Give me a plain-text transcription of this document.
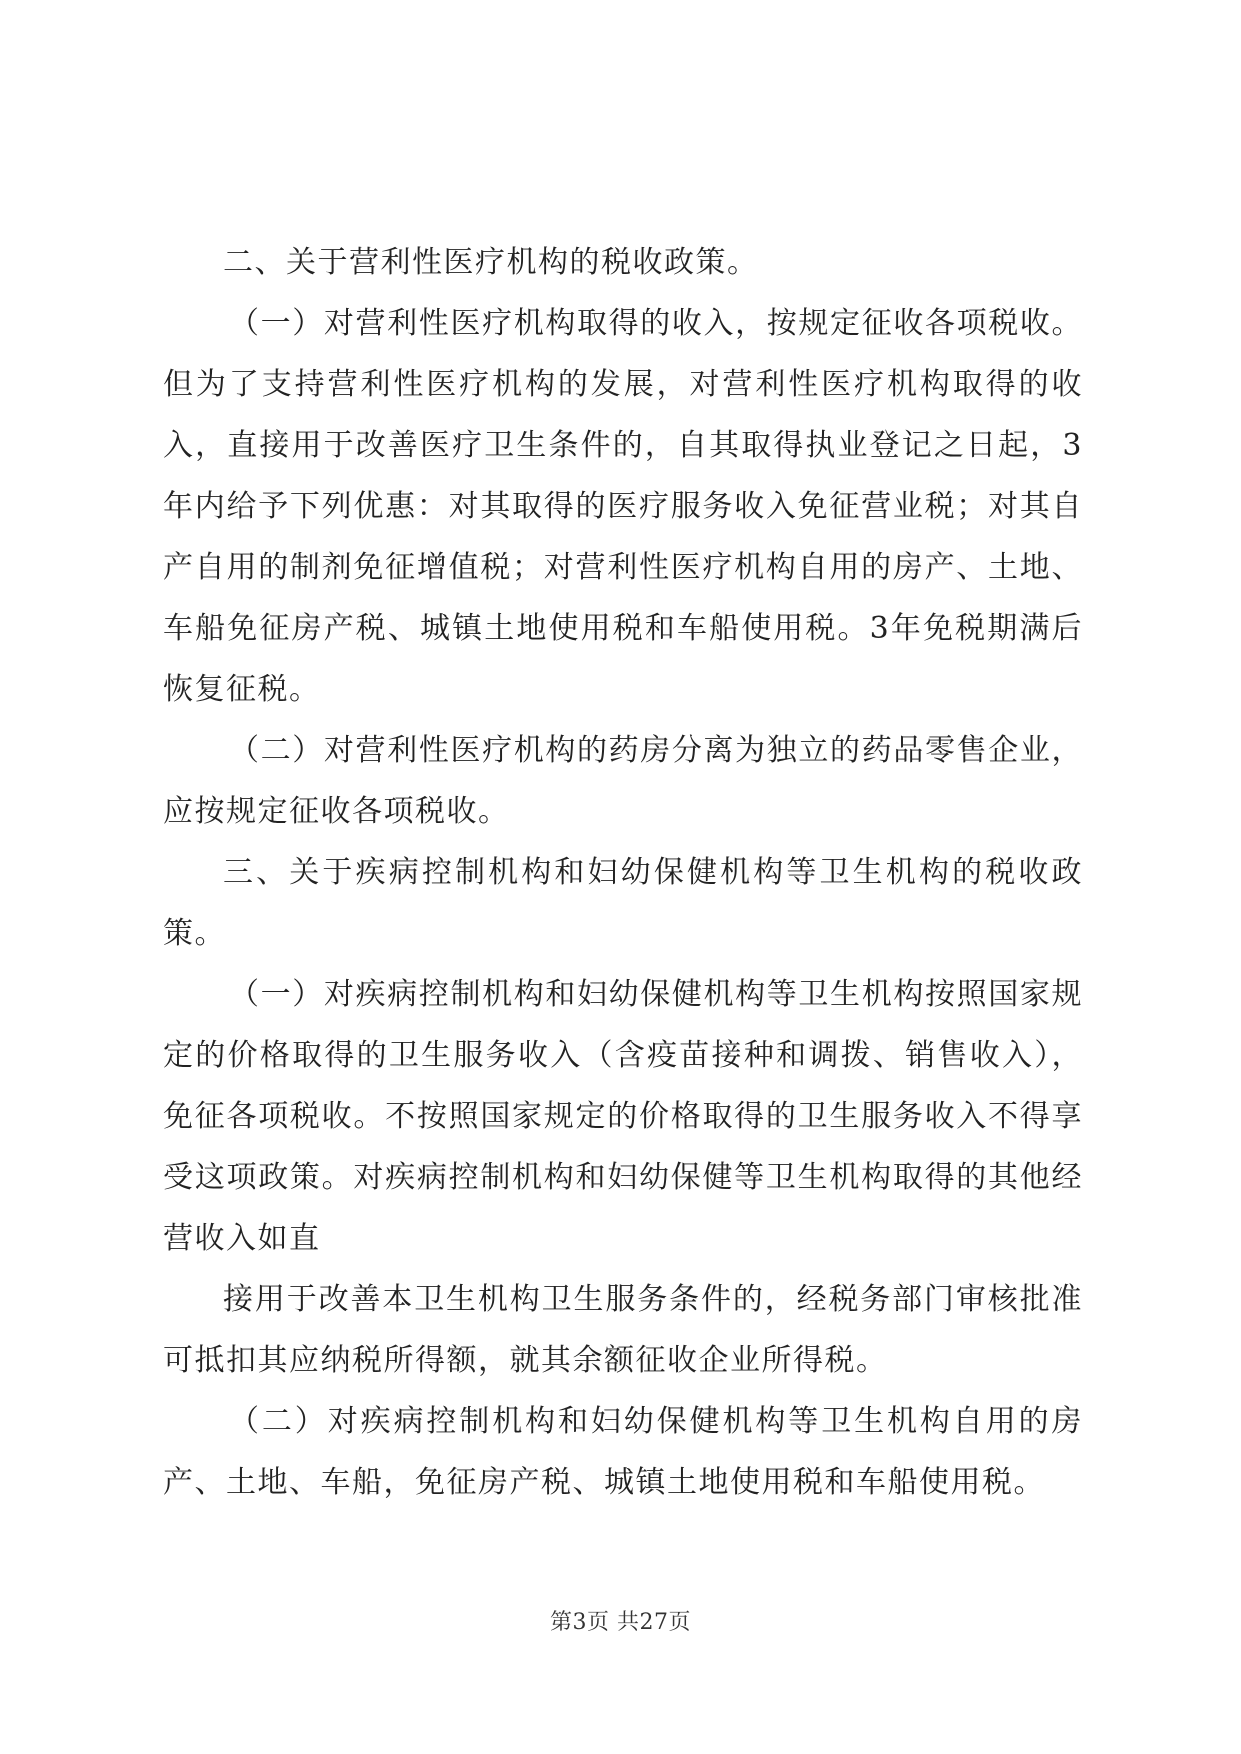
二、关于营利性医疗机构的税收政策。

（一）对营利性医疗机构取得的收入，按规定征收各项税收。但为了支持营利性医疗机构的发展，对营利性医疗机构取得的收入，直接用于改善医疗卫生条件的，自其取得执业登记之日起，3年内给予下列优惠：对其取得的医疗服务收入免征营业税；对其自产自用的制剂免征增值税；对营利性医疗机构自用的房产、土地、车船免征房产税、城镇土地使用税和车船使用税。3年免税期满后恢复征税。

（二）对营利性医疗机构的药房分离为独立的药品零售企业，应按规定征收各项税收。

三、关于疾病控制机构和妇幼保健机构等卫生机构的税收政策。

（一）对疾病控制机构和妇幼保健机构等卫生机构按照国家规定的价格取得的卫生服务收入（含疫苗接种和调拨、销售收入），免征各项税收。不按照国家规定的价格取得的卫生服务收入不得享受这项政策。对疾病控制机构和妇幼保健等卫生机构取得的其他经营收入如直

接用于改善本卫生机构卫生服务条件的，经税务部门审核批准可抵扣其应纳税所得额，就其余额征收企业所得税。

（二）对疾病控制机构和妇幼保健机构等卫生机构自用的房产、土地、车船，免征房产税、城镇土地使用税和车船使用税。

第3页 共27页
